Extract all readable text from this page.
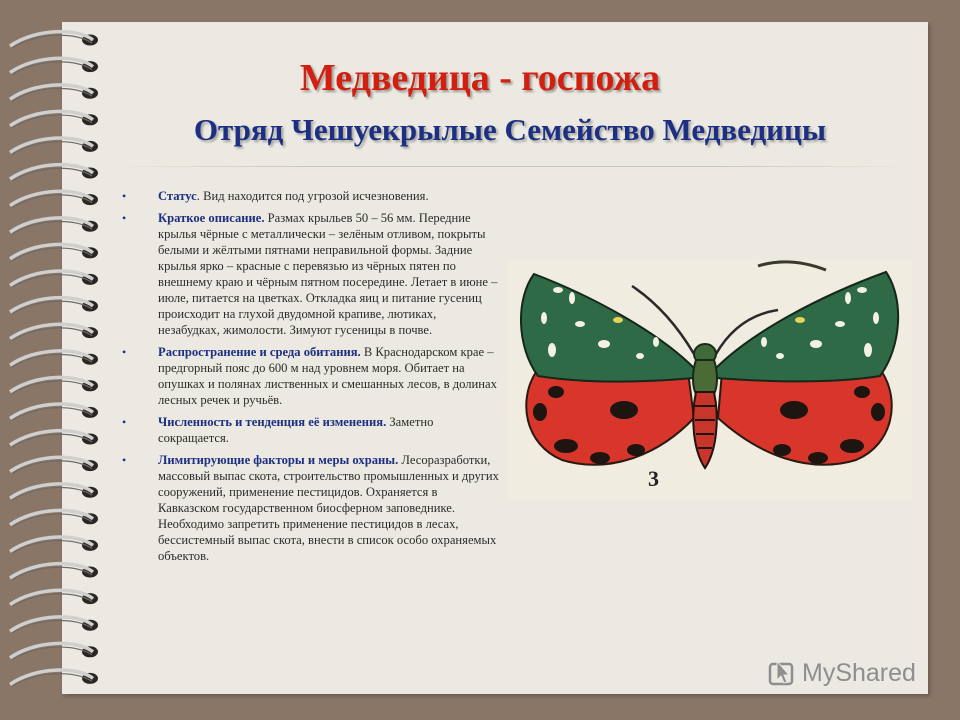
Медведица - госпожа
Отряд Чешуекрылые Семейство Медведицы
•	Статус. Вид находится под угрозой исчезновения.
•	Краткое описание. Размах крыльев 50 – 56 мм. Передние крылья чёрные с металлически – зелёным отливом, покрыты белыми и жёлтыми пятнами неправильной формы. Задние крылья ярко – красные с перевязью из чёрных пятен по внешнему краю и чёрным пятном посередине. Летает в июне – июле, питается на цветках. Откладка яиц и питание гусениц происходит на глухой двудомной крапиве, лютиках, незабудках, жимолости. Зимуют гусеницы в почве.
•	Распространение и среда обитания. В Краснодарском крае – предгорный пояс до 600 м над уровнем моря. Обитает на опушках и полянах лиственных и смешанных лесов, в долинах лесных речек и ручьёв.
•	Численность и тенденция её изменения. Заметно сокращается.
•	Лимитирующие факторы и меры охраны. Лесоразработки, массовый выпас скота, строительство промышленных и других сооружений, применение пестицидов. Охраняется в Кавказском государственном биосферном заповеднике. Необходимо запретить применение пестицидов в лесах, бессистемный выпас скота, внести в список особо охраняемых объектов.
3
MyShared
